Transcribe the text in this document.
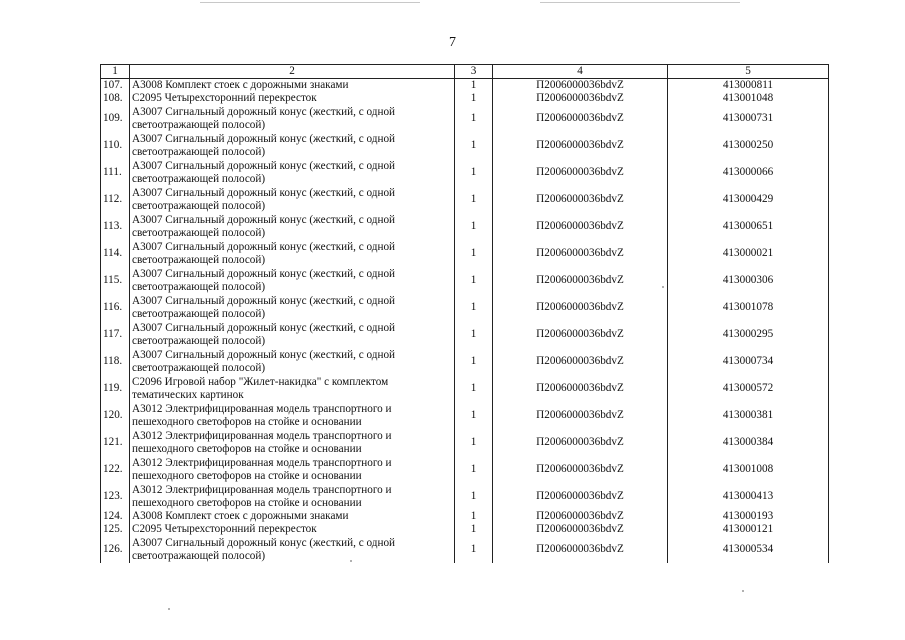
7
1	2	3	4	5
107.	А3008 Комплект стоек с дорожными знаками	1	П2006000036bdvZ	413000811
108.	С2095 Четырехсторонний перекресток	1	П2006000036bdvZ	413001048
109.	А3007 Сигнальный дорожный конус (жесткий, с одной светоотражающей полосой)	1	П2006000036bdvZ	413000731
110.	А3007 Сигнальный дорожный конус (жесткий, с одной светоотражающей полосой)	1	П2006000036bdvZ	413000250
111.	А3007 Сигнальный дорожный конус (жесткий, с одной светоотражающей полосой)	1	П2006000036bdvZ	413000066
112.	А3007 Сигнальный дорожный конус (жесткий, с одной светоотражающей полосой)	1	П2006000036bdvZ	413000429
113.	А3007 Сигнальный дорожный конус (жесткий, с одной светоотражающей полосой)	1	П2006000036bdvZ	413000651
114.	А3007 Сигнальный дорожный конус (жесткий, с одной светоотражающей полосой)	1	П2006000036bdvZ	413000021
115.	А3007 Сигнальный дорожный конус (жесткий, с одной светоотражающей полосой)	1	П2006000036bdvZ	413000306
116.	А3007 Сигнальный дорожный конус (жесткий, с одной светоотражающей полосой)	1	П2006000036bdvZ	413001078
117.	А3007 Сигнальный дорожный конус (жесткий, с одной светоотражающей полосой)	1	П2006000036bdvZ	413000295
118.	А3007 Сигнальный дорожный конус (жесткий, с одной светоотражающей полосой)	1	П2006000036bdvZ	413000734
119.	С2096 Игровой набор "Жилет-накидка" с комплектом тематических картинок	1	П2006000036bdvZ	413000572
120.	А3012 Электрифицированная модель транспортного и пешеходного светофоров на стойке и основании	1	П2006000036bdvZ	413000381
121.	А3012 Электрифицированная модель транспортного и пешеходного светофоров на стойке и основании	1	П2006000036bdvZ	413000384
122.	А3012 Электрифицированная модель транспортного и пешеходного светофоров на стойке и основании	1	П2006000036bdvZ	413001008
123.	А3012 Электрифицированная модель транспортного и пешеходного светофоров на стойке и основании	1	П2006000036bdvZ	413000413
124.	А3008 Комплект стоек с дорожными знаками	1	П2006000036bdvZ	413000193
125.	С2095 Четырехсторонний перекресток	1	П2006000036bdvZ	413000121
126.	А3007 Сигнальный дорожный конус (жесткий, с одной светоотражающей полосой)	1	П2006000036bdvZ	413000534
